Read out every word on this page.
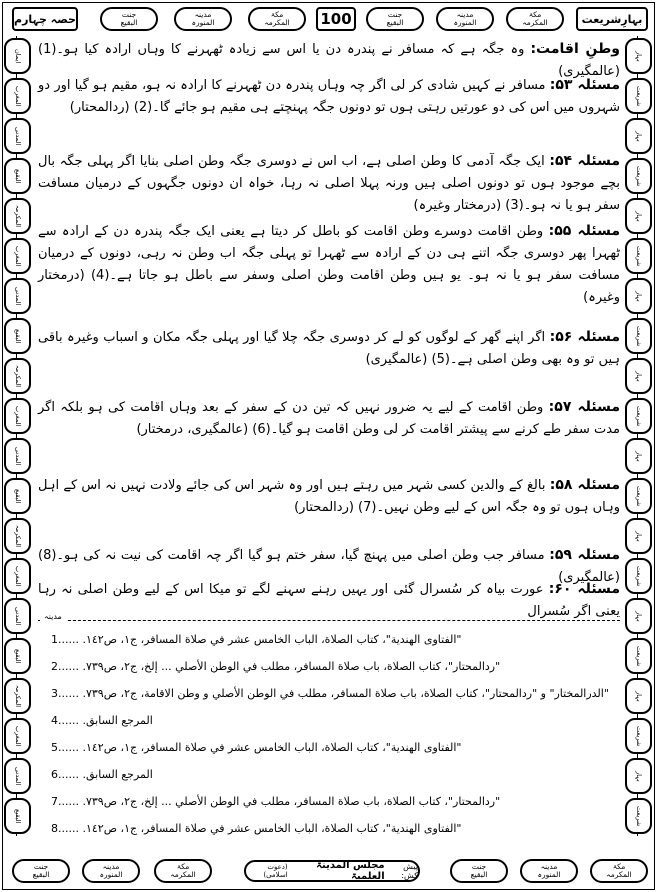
حصہ چہارم	جنت
البقیع
مدینہ
المنورہ
مکۃ
المکرمہ 100	جنت
البقیع
مدینہ
المنورہ
مکۃ
المکرمہ	بہارِشریعت
ایمان
المغرب
المدنی
البقیع
المکرمہ
المغرب
المدنی
البقیع
المکرمہ
المغرب
المدنی
البقیع
المکرمہ
المغرب
المدنی
البقیع
المکرمہ
المغرب
المدنی
البقیع
بہار
شریعت
بہار
شریعت
بہار
شریعت
بہار
شریعت
بہار
شریعت
بہار
شریعت
بہار
شریعت
بہار
شریعت
بہار
شریعت
بہار
شریعت
وطنِ اقامت: وہ جگہ ہے کہ مسافر نے پندرہ دن یا اس سے زیادہ ٹھہرنے کا وہاں ارادہ کیا ہو۔(1) (عالمگیری)
مسئلہ ۵۳: مسافر نے کہیں شادی کر لی اگر چہ وہاں پندرہ دن ٹھہرنے کا ارادہ نہ ہو، مقیم ہو گیا اور دو شہروں میں اس کی دو عورتیں رہتی ہوں تو دونوں جگہ پہنچتے ہی مقیم ہو جائے گا۔(2) (ردالمحتار)
مسئلہ ۵۴: ایک جگہ آدمی کا وطن اصلی ہے، اب اس نے دوسری جگہ وطن اصلی بنایا اگر پہلی جگہ بال بچے موجود ہوں تو دونوں اصلی ہیں ورنہ پہلا اصلی نہ رہا، خواہ ان دونوں جگہوں کے درمیان مسافت سفر ہو یا نہ ہو۔(3) (درمختار وغیرہ)
مسئلہ ۵۵: وطن اقامت دوسرے وطن اقامت کو باطل کر دیتا ہے یعنی ایک جگہ پندرہ دن کے ارادہ سے ٹھہرا پھر دوسری جگہ اتنے ہی دن کے ارادہ سے ٹھہرا تو پہلی جگہ اب وطن نہ رہی، دونوں کے درمیان مسافت سفر ہو یا نہ ہو۔ یو ہیں وطن اقامت وطن اصلی وسفر سے باطل ہو جاتا ہے۔(4) (درمختار وغیرہ)
مسئلہ ۵۶: اگر اپنے گھر کے لوگوں کو لے کر دوسری جگہ چلا گیا اور پہلی جگہ مکان و اسباب وغیرہ باقی ہیں تو وہ بھی وطن اصلی ہے۔(5) (عالمگیری)
مسئلہ ۵۷: وطن اقامت کے لیے یہ ضرور نہیں کہ تین دن کے سفر کے بعد وہاں اقامت کی ہو بلکہ اگر مدت سفر طے کرنے سے پیشتر اقامت کر لی وطن اقامت ہو گیا۔(6) (عالمگیری، درمختار)
مسئلہ ۵۸: بالغ کے والدین کسی شہر میں رہتے ہیں اور وہ شہر اس کی جائے ولادت نہیں نہ اس کے اہل وہاں ہوں تو وہ جگہ اس کے لیے وطن نہیں۔(7) (ردالمحتار)
مسئلہ ۵۹: مسافر جب وطن اصلی میں پہنچ گیا، سفر ختم ہو گیا اگر چہ اقامت کی نیت نہ کی ہو۔(8) (عالمگیری)
مسئلہ ۶۰: عورت بیاہ کر سُسرال گئی اور یہیں رہنے سہنے لگے تو میکا اس کے لیے وطن اصلی نہ رہا یعنی اگر سُسرال
مدینہ
1...... "الفتاوى الهندية"، كتاب الصلاة، الباب الخامس عشر في صلاة المسافر، ج١، ص١٤٢.
2...... "ردالمحتار"، كتاب الصلاة، باب صلاة المسافر، مطلب في الوطن الأصلي ... إلخ، ج٢، ص٧٣٩.
3...... "الدرالمختار" و "ردالمحتار"، كتاب الصلاة، باب صلاة المسافر، مطلب في الوطن الأصلي و وطن الاقامة، ج٢، ص٧٣٩.
4...... المرجع السابق.
5...... "الفتاوى الهندية"، كتاب الصلاة، الباب الخامس عشر في صلاة المسافر، ج١، ص١٤٢.
6...... المرجع السابق.
7...... "ردالمحتار"، كتاب الصلاة، باب صلاة المسافر، مطلب في الوطن الأصلي ... إلخ، ج٢، ص٧٣٩.
8...... "الفتاوى الهندية"، كتاب الصلاة، الباب الخامس عشر في صلاة المسافر، ج١، ص١٤٢.
جنت
البقیع
مدینہ
المنورہ
مکۃ
المکرمہ
پیش کش:
مجلس المدینۃ العلمیۃ
(دعوت اسلامی)
جنت
البقیع
مدینہ
المنورہ
مکۃ
المکرمہ
